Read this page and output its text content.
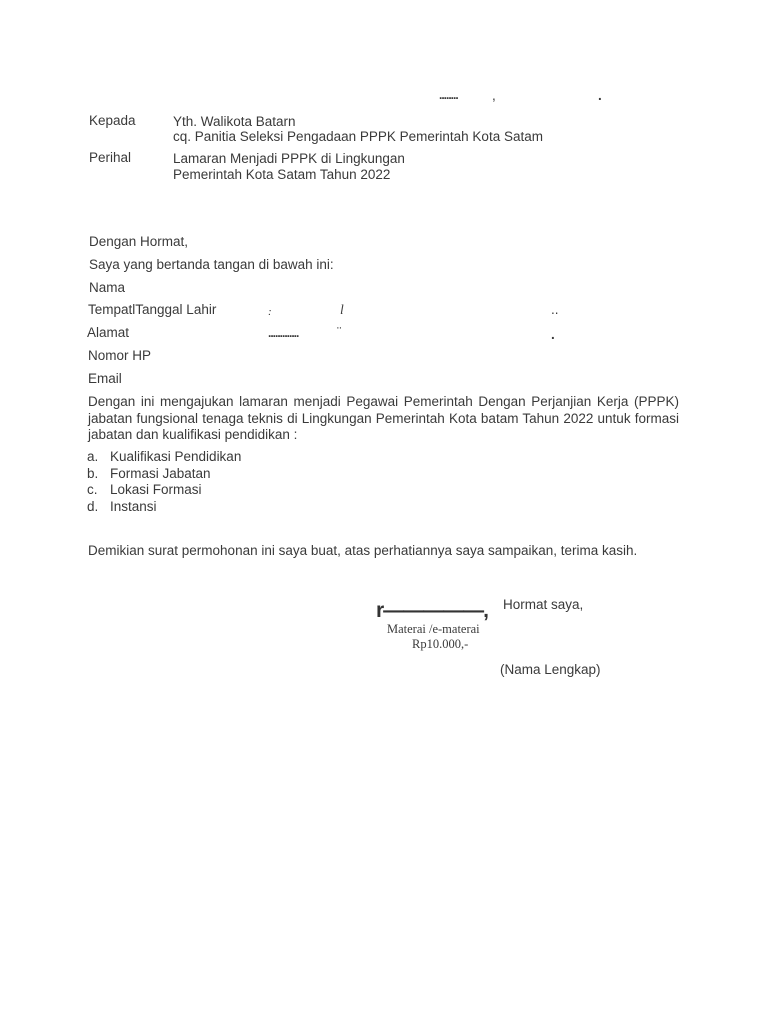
........	,	.
Kepada	Yth. Walikota Batarn
cq. Panitia Seleksi Pengadaan PPPK Pemerintah Kota Satam
Perihal	Lamaran Menjadi PPPK di Lingkungan
Pemerintah Kota Satam Tahun 2022
Dengan Hormat,
Saya yang bertanda tangan di bawah ini:
Nama
TempatlTanggal Lahir	:	l	..
Alamat	.............	¨	.
Nomor HP
Email
Dengan ini mengajukan lamaran menjadi Pegawai Pemerintah Dengan Perjanjian Kerja (PPPK) jabatan fungsional tenaga teknis di Lingkungan Pemerintah Kota batam Tahun 2022 untuk formasi jabatan dan kualifikasi pendidikan :
a. Kualifikasi Pendidikan
b. Formasi Jabatan
c. Lokasi Formasi
d. Instansi
Demikian surat permohonan ini saya buat, atas perhatiannya saya sampaikan, terima kasih.
Hormat saya,
r—————,
Materai /e-materai
Rp10.000,-
(Nama Lengkap)
